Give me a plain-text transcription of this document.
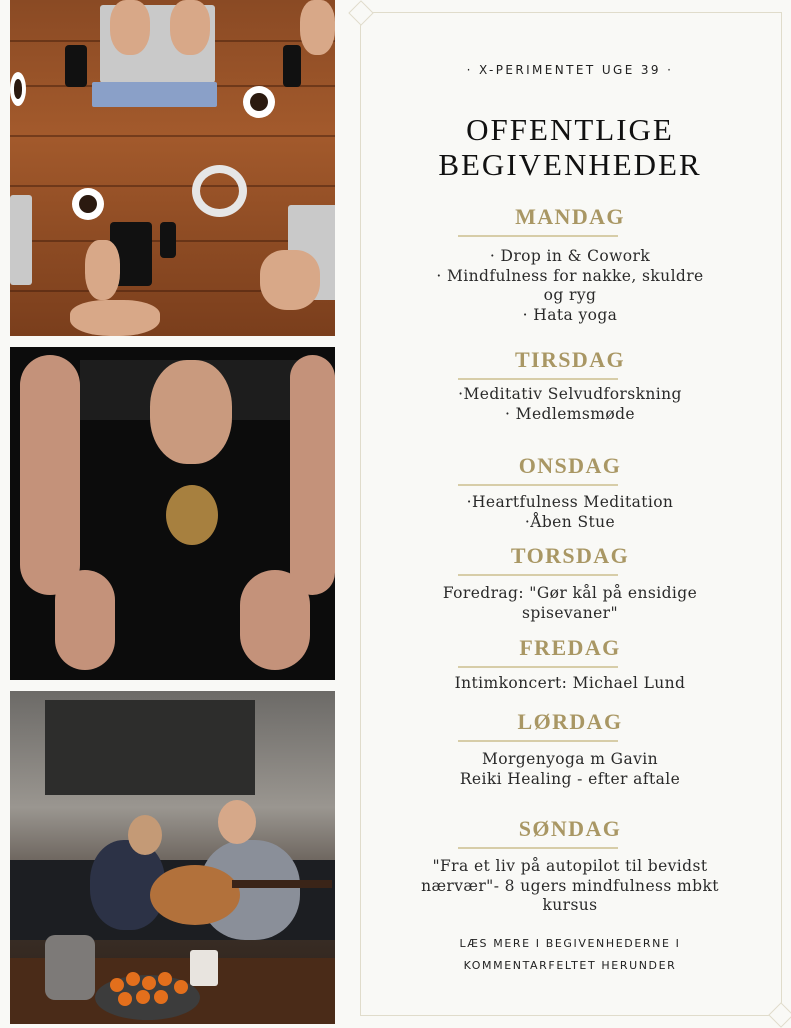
· X-PERIMENTET UGE 39 ·
OFFENTLIGE
BEGIVENHEDER
MANDAG
· Drop in & Cowork
· Mindfulness for nakke, skuldre
og ryg
· Hata yoga
TIRSDAG
·Meditativ Selvudforskning
· Medlemsmøde
ONSDAG
·Heartfulness Meditation
·Åben Stue
TORSDAG
Foredrag: "Gør kål på ensidige
spisevaner"
FREDAG
Intimkoncert: Michael Lund
LØRDAG
Morgenyoga m Gavin
Reiki Healing - efter aftale
SØNDAG
"Fra et liv på autopilot til bevidst
nærvær"- 8 ugers mindfulness mbkt
kursus
LÆS MERE I BEGIVENHEDERNE I
KOMMENTARFELTET HERUNDER
